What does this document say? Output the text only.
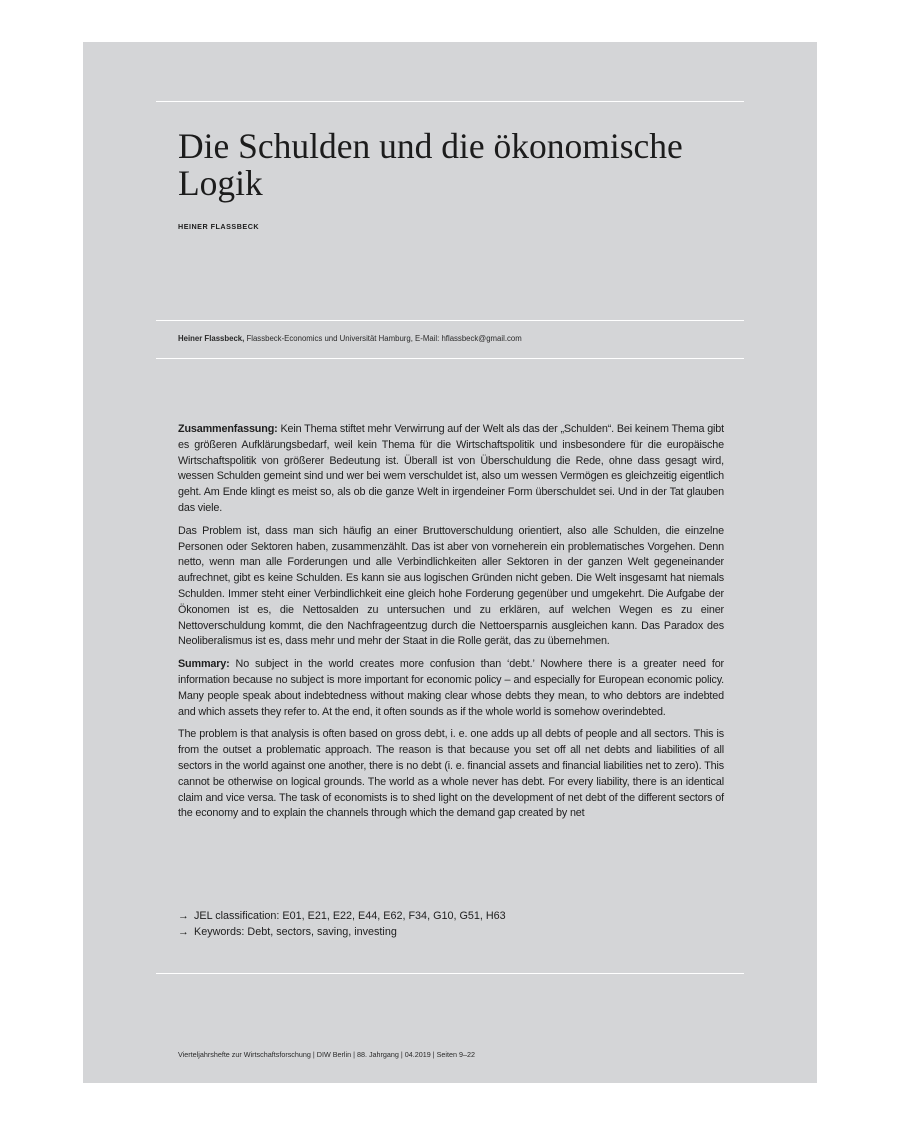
Die Schulden und die ökonomische Logik
HEINER FLASSBECK
Heiner Flassbeck, Flassbeck-Economics und Universität Hamburg, E-Mail: hflassbeck@gmail.com

Zusammenfassung: Kein Thema stiftet mehr Verwirrung auf der Welt als das der „Schulden“. Bei keinem Thema gibt es größeren Aufklärungsbedarf, weil kein Thema für die Wirtschaftspolitik und insbesondere für die europäische Wirtschaftspolitik von größerer Bedeutung ist. Überall ist von Überschuldung die Rede, ohne dass gesagt wird, wessen Schulden gemeint sind und wer bei wem verschuldet ist, also um wessen Vermögen es gleichzeitig eigentlich geht. Am Ende klingt es meist so, als ob die ganze Welt in irgendeiner Form überschuldet sei. Und in der Tat glauben das viele.

Das Problem ist, dass man sich häufig an einer Bruttoverschuldung orientiert, also alle Schulden, die einzelne Personen oder Sektoren haben, zusammenzählt. Das ist aber von vorneherein ein problematisches Vorgehen. Denn netto, wenn man alle Forderungen und alle Verbindlichkeiten aller Sektoren in der ganzen Welt gegeneinander aufrechnet, gibt es keine Schulden. Es kann sie aus logischen Gründen nicht geben. Die Welt insgesamt hat niemals Schulden. Immer steht einer Verbindlichkeit eine gleich hohe Forderung gegenüber und umgekehrt. Die Aufgabe der Ökonomen ist es, die Nettosalden zu untersuchen und zu erklären, auf welchen Wegen es zu einer Nettoverschuldung kommt, die den Nachfrageentzug durch die Nettoersparnis ausgleichen kann. Das Paradox des Neoliberalismus ist es, dass mehr und mehr der Staat in die Rolle gerät, das zu übernehmen.

Summary: No subject in the world creates more confusion than ‘debt.’ Nowhere there is a greater need for information because no subject is more important for economic policy – and especially for European economic policy. Many people speak about indebtedness without making clear whose debts they mean, to who debtors are indebted and which assets they refer to. At the end, it often sounds as if the whole world is somehow overindebted.

The problem is that analysis is often based on gross debt, i. e. one adds up all debts of people and all sectors. This is from the outset a problematic approach. The reason is that because you set off all net debts and liabilities of all sectors in the world against one another, there is no debt (i. e. financial assets and financial liabilities net to zero). This cannot be otherwise on logical grounds. The world as a whole never has debt. For every liability, there is an identical claim and vice versa. The task of economists is to shed light on the development of net debt of the different sectors of the economy and to explain the channels through which the demand gap created by net

→ JEL classification: E01, E21, E22, E44, E62, F34, G10, G51, H63
→ Keywords: Debt, sectors, saving, investing
Vierteljahrshefte zur Wirtschaftsforschung | DIW Berlin | 88. Jahrgang | 04.2019 | Seiten 9–22
